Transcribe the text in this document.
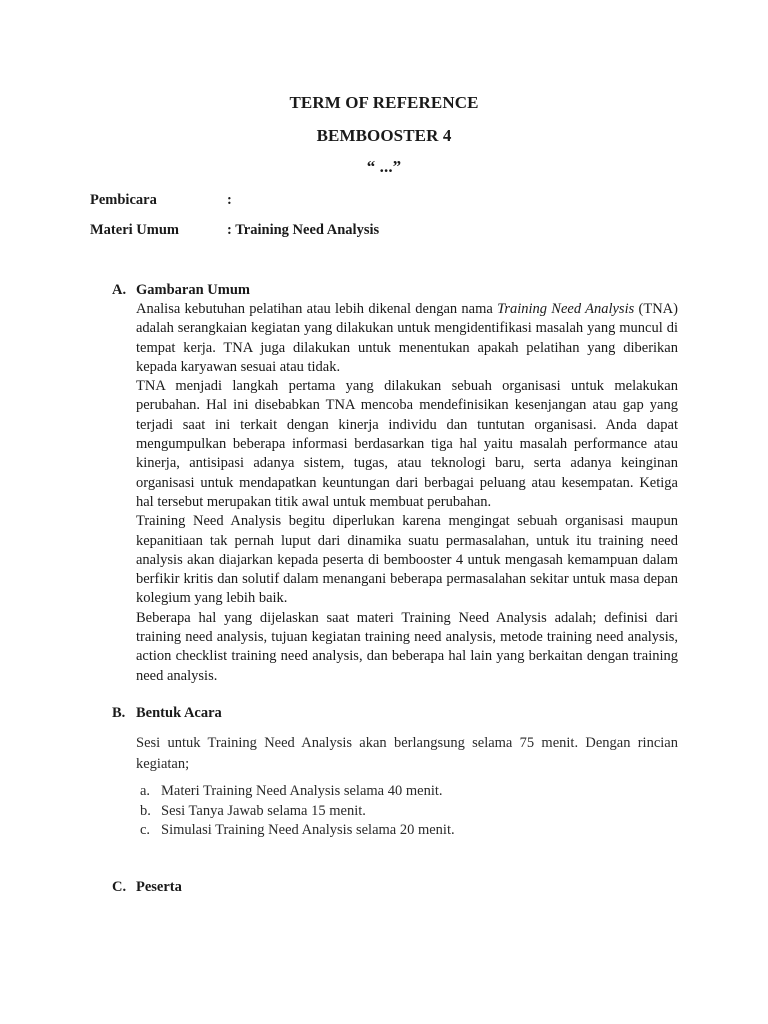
TERM OF REFERENCE
BEMBOOSTER 4
“ ...”
Pembicara	:
Materi Umum	: Training Need Analysis
A. Gambaran Umum

Analisa kebutuhan pelatihan atau lebih dikenal dengan nama Training Need Analysis (TNA) adalah serangkaian kegiatan yang dilakukan untuk mengidentifikasi masalah yang muncul di tempat kerja. TNA juga dilakukan untuk menentukan apakah pelatihan yang diberikan kepada karyawan sesuai atau tidak.

TNA menjadi langkah pertama yang dilakukan sebuah organisasi untuk melakukan perubahan. Hal ini disebabkan TNA mencoba mendefinisikan kesenjangan atau gap yang terjadi saat ini terkait dengan kinerja individu dan tuntutan organisasi. Anda dapat mengumpulkan beberapa informasi berdasarkan tiga hal yaitu masalah performance atau kinerja, antisipasi adanya sistem, tugas, atau teknologi baru, serta adanya keinginan organisasi untuk mendapatkan keuntungan dari berbagai peluang atau kesempatan. Ketiga hal tersebut merupakan titik awal untuk membuat perubahan.

Training Need Analysis begitu diperlukan karena mengingat sebuah organisasi maupun kepanitiaan tak pernah luput dari dinamika suatu permasalahan, untuk itu training need analysis akan diajarkan kepada peserta di bembooster 4 untuk mengasah kemampuan dalam berfikir kritis dan solutif dalam menangani beberapa permasalahan sekitar untuk masa depan kolegium yang lebih baik.

Beberapa hal yang dijelaskan saat materi Training Need Analysis adalah; definisi dari training need analysis, tujuan kegiatan training need analysis, metode training need analysis, action checklist training need analysis, dan beberapa hal lain yang berkaitan dengan training need analysis.

B. Bentuk Acara
Sesi untuk Training Need Analysis akan berlangsung selama 75 menit. Dengan rincian kegiatan;
a. Materi Training Need Analysis selama 40 menit.
b. Sesi Tanya Jawab selama 15 menit.
c. Simulasi Training Need Analysis selama 20 menit.
C. Peserta
